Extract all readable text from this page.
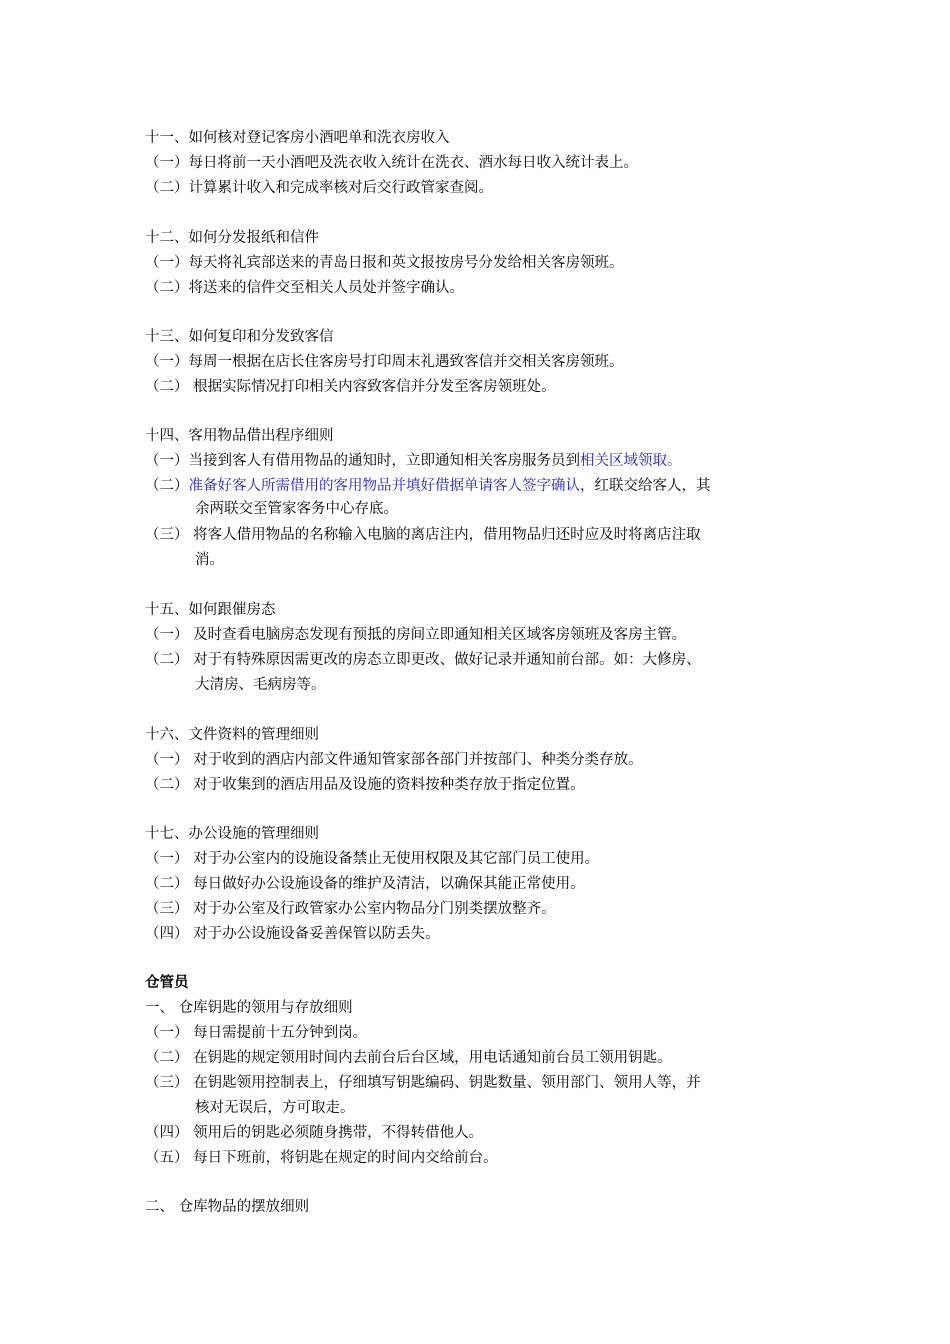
十一、如何核对登记客房小酒吧单和洗衣房收入
（一）每日将前一天小酒吧及洗衣收入统计在洗衣、酒水每日收入统计表上。
（二）计算累计收入和完成率核对后交行政管家查阅。
十二、如何分发报纸和信件
（一）每天将礼宾部送来的青岛日报和英文报按房号分发给相关客房领班。
（二）将送来的信件交至相关人员处并签字确认。
十三、如何复印和分发致客信
（一）每周一根据在店长住客房号打印周末礼遇致客信并交相关客房领班。
（二） 根据实际情况打印相关内容致客信并分发至客房领班处。
十四、客用物品借出程序细则
（一）当接到客人有借用物品的通知时，立即通知相关客房服务员到相关区域领取。
（二）准备好客人所需借用的客用物品并填好借据单请客人签字确认，红联交给客人，其
余两联交至管家客务中心存底。
（三） 将客人借用物品的名称输入电脑的离店注内，借用物品归还时应及时将离店注取
消。
十五、如何跟催房态
（一） 及时查看电脑房态发现有预抵的房间立即通知相关区域客房领班及客房主管。
（二） 对于有特殊原因需更改的房态立即更改、做好记录并通知前台部。如：大修房、
大清房、毛病房等。
十六、文件资料的管理细则
（一） 对于收到的酒店内部文件通知管家部各部门并按部门、种类分类存放。
（二） 对于收集到的酒店用品及设施的资料按种类存放于指定位置。
十七、办公设施的管理细则
（一） 对于办公室内的设施设备禁止无使用权限及其它部门员工使用。
（二） 每日做好办公设施设备的维护及清洁，以确保其能正常使用。
（三） 对于办公室及行政管家办公室内物品分门别类摆放整齐。
（四） 对于办公设施设备妥善保管以防丢失。
仓管员
一、 仓库钥匙的领用与存放细则
（一） 每日需提前十五分钟到岗。
（二） 在钥匙的规定领用时间内去前台后台区域，用电话通知前台员工领用钥匙。
（三） 在钥匙领用控制表上，仔细填写钥匙编码、钥匙数量、领用部门、领用人等，并
核对无误后，方可取走。
（四） 领用后的钥匙必须随身携带，不得转借他人。
（五） 每日下班前，将钥匙在规定的时间内交给前台。
二、 仓库物品的摆放细则
